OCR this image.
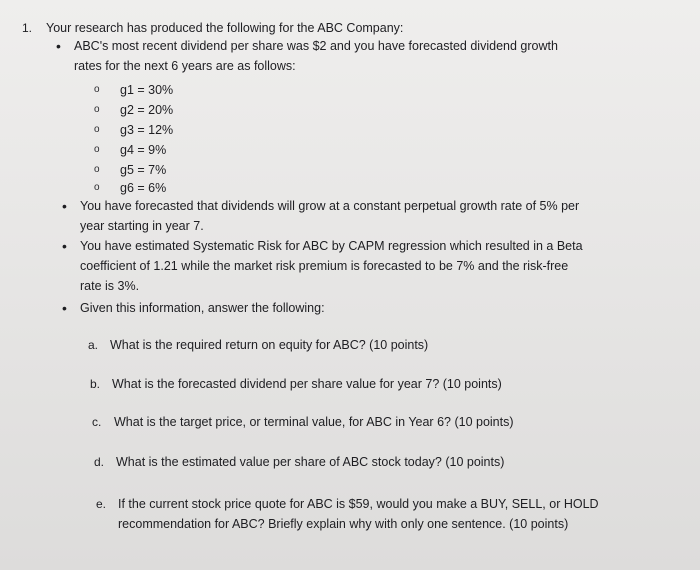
1. Your research has produced the following for the ABC Company:
• ABC's most recent dividend per share was $2 and you have forecasted dividend growth
rates for the next 6 years are as follows:
o g1 = 30%
o g2 = 20%
o g3 = 12%
o g4 = 9%
o g5 = 7%
o g6 = 6%
• You have forecasted that dividends will grow at a constant perpetual growth rate of 5% per
year starting in year 7.
• You have estimated Systematic Risk for ABC by CAPM regression which resulted in a Beta
coefficient of 1.21 while the market risk premium is forecasted to be 7% and the risk-free
rate is 3%.
• Given this information, answer the following:
a. What is the required return on equity for ABC? (10 points)
b. What is the forecasted dividend per share value for year 7? (10 points)
c. What is the target price, or terminal value, for ABC in Year 6? (10 points)
d. What is the estimated value per share of ABC stock today? (10 points)
e. If the current stock price quote for ABC is $59, would you make a BUY, SELL, or HOLD
recommendation for ABC? Briefly explain why with only one sentence. (10 points)
